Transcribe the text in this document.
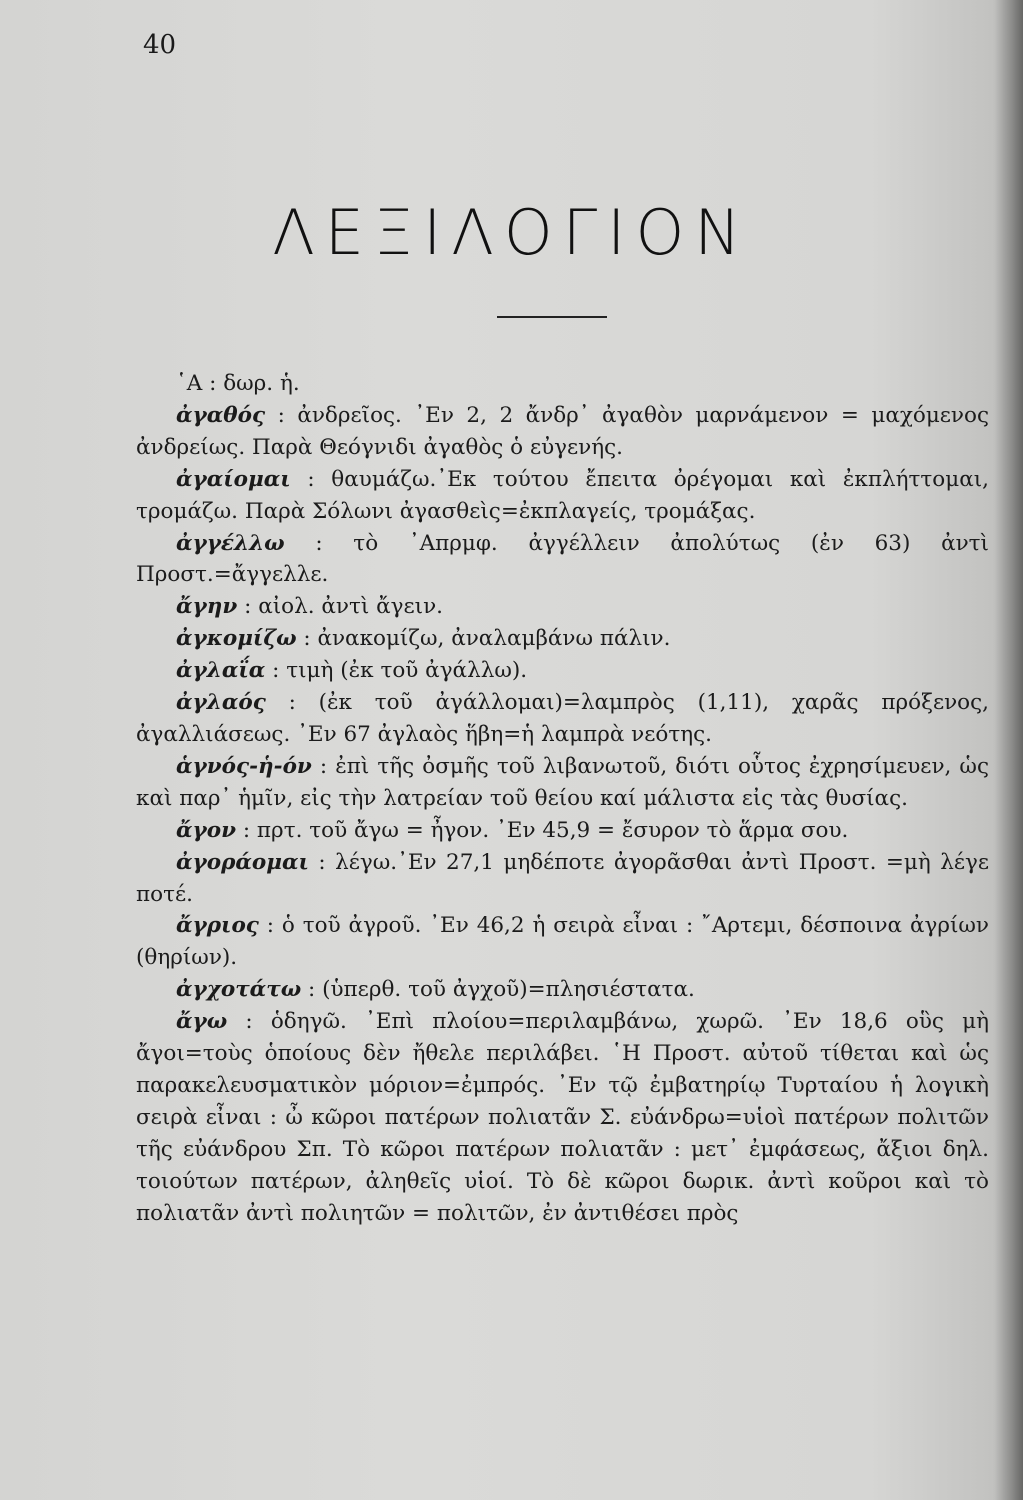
40
ΛΕΞΙΛΟΓΙΟΝ

῾Α : δωρ. ἡ.

ἀγαθός : ἀνδρεῖος. ᾿Εν 2, 2 ἄνδρ᾿ ἀγαθὸν μαρνάμενον = μαχόμενος ἀνδρείως. Παρὰ Θεόγνιδι ἀγαθὸς ὁ εὐγενής.

ἀγαίομαι : θαυμάζω.᾿Εκ τούτου ἔπειτα ὀρέγομαι καὶ ἐκπλήττομαι, τρομάζω. Παρὰ Σόλωνι ἀγασθεὶς=ἐκπλαγείς, τρομάξας.

ἀγγέλλω : τὸ ᾿Απρμφ. ἀγγέλλειν ἀπολύτως (ἐν 63) ἀντὶ Προστ.=ἄγγελλε.

ἄγην : αἰολ. ἀντὶ ἄγειν.

ἀγκομίζω : ἀνακομίζω, ἀναλαμβάνω πάλιν.

ἀγλαΐα : τιμὴ (ἐκ τοῦ ἀγάλλω).

ἀγλαός : (ἐκ τοῦ ἀγάλλομαι)=λαμπρὸς (1,11), χαρᾶς πρόξενος, ἀγαλλιάσεως. ᾿Εν 67 ἀγλαὸς ἥβη=ἡ λαμπρὰ νεότης.

ἁγνός-ἡ-όν : ἐπὶ τῆς ὀσμῆς τοῦ λιβανωτοῦ, διότι οὗτος ἐχρησίμευεν, ὡς καὶ παρ᾿ ἡμῖν, εἰς τὴν λατρείαν τοῦ θείου καί μάλιστα εἰς τὰς θυσίας.

ἄγον : πρτ. τοῦ ἄγω = ἦγον. ᾿Εν 45,9 = ἔσυρον τὸ ἅρμα σου.

ἀγοράομαι : λέγω.᾿Εν 27,1 μηδέποτε ἀγορᾶσθαι ἀντὶ Προστ. =μὴ λέγε ποτέ.

ἄγριος : ὁ τοῦ ἀγροῦ. ᾿Εν 46,2 ἡ σειρὰ εἶναι : ῎Αρτεμι, δέσποινα ἀγρίων (θηρίων).

ἀγχοτάτω : (ὑπερθ. τοῦ ἀγχοῦ)=πλησιέστατα.

ἄγω : ὁδηγῶ. ᾿Επὶ πλοίου=περιλαμβάνω, χωρῶ. ᾿Εν 18,6 οὓς μὴ ἄγοι=τοὺς ὁποίους δὲν ἤθελε περιλάβει. ῾Η Προστ. αὐτοῦ τίθεται καὶ ὡς παρακελευσματικὸν μόριον=ἐμπρός. ᾿Εν τῷ ἐμβατηρίῳ Τυρταίου ἡ λογικὴ σειρὰ εἶναι : ὦ κῶροι πατέρων πολιατᾶν Σ. εὐάνδρω=υἱοὶ πατέρων πολιτῶν τῆς εὐάνδρου Σπ. Τὸ κῶροι πατέρων πολιατᾶν : μετ᾿ ἐμφάσεως, ἄξιοι δηλ. τοιούτων πατέρων, ἀληθεῖς υἱοί. Τὸ δὲ κῶροι δωρικ. ἀντὶ κοῦροι καὶ τὸ πολιατᾶν ἀντὶ πολιητῶν = πολιτῶν, ἐν ἀντιθέσει πρὸς
